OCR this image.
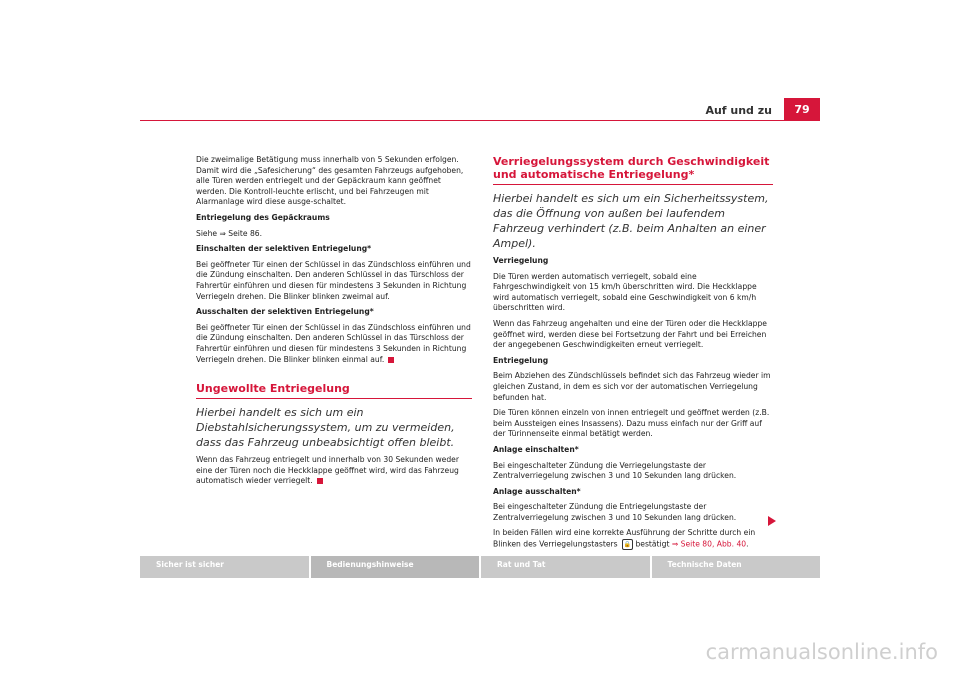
Auf und zu	79

Die zweimalige Betätigung muss innerhalb von 5 Sekunden erfolgen. Damit wird die „Safesicherung“ des gesamten Fahrzeugs aufgehoben, alle Türen werden entriegelt und der Gepäckraum kann geöffnet werden. Die Kontroll-leuchte erlischt, und bei Fahrzeugen mit Alarmanlage wird diese ausge-schaltet.

Entriegelung des Gepäckraums

Siehe ⇒ Seite 86.

Einschalten der selektiven Entriegelung*

Bei geöffneter Tür einen der Schlüssel in das Zündschloss einführen und die Zündung einschalten. Den anderen Schlüssel in das Türschloss der Fahrertür einführen und diesen für mindestens 3 Sekunden in Richtung Verriegeln drehen. Die Blinker blinken zweimal auf.

Ausschalten der selektiven Entriegelung*

Bei geöffneter Tür einen der Schlüssel in das Zündschloss einführen und die Zündung einschalten. Den anderen Schlüssel in das Türschloss der Fahrertür einführen und diesen für mindestens 3 Sekunden in Richtung Verriegeln drehen. Die Blinker blinken einmal auf.

Ungewollte Entriegelung

Hierbei handelt es sich um ein Diebstahlsicherungssystem, um zu vermeiden, dass das Fahrzeug unbeabsichtigt offen bleibt.

Wenn das Fahrzeug entriegelt und innerhalb von 30 Sekunden weder eine der Türen noch die Heckklappe geöffnet wird, wird das Fahrzeug automatisch wieder verriegelt.

Verriegelungssystem durch Geschwindigkeit und automatische Entriegelung*

Hierbei handelt es sich um ein Sicherheitssystem, das die Öffnung von außen bei laufendem Fahrzeug verhindert (z.B. beim Anhalten an einer Ampel).

Verriegelung

Die Türen werden automatisch verriegelt, sobald eine Fahrgeschwindigkeit von 15 km/h überschritten wird. Die Heckklappe wird automatisch verriegelt, sobald eine Geschwindigkeit von 6 km/h überschritten wird.

Wenn das Fahrzeug angehalten und eine der Türen oder die Heckklappe geöffnet wird, werden diese bei Fortsetzung der Fahrt und bei Erreichen der angegebenen Geschwindigkeiten erneut verriegelt.

Entriegelung

Beim Abziehen des Zündschlüssels befindet sich das Fahrzeug wieder im gleichen Zustand, in dem es sich vor der automatischen Verriegelung befunden hat.

Die Türen können einzeln von innen entriegelt und geöffnet werden (z.B. beim Aussteigen eines Insassens). Dazu muss einfach nur der Griff auf der Türinnenseite einmal betätigt werden.

Anlage einschalten*

Bei eingeschalteter Zündung die Verriegelungstaste der Zentralverriegelung zwischen 3 und 10 Sekunden lang drücken.

Anlage ausschalten*

Bei eingeschalteter Zündung die Entriegelungstaste der Zentralverriegelung zwischen 3 und 10 Sekunden lang drücken.

In beiden Fällen wird eine korrekte Ausführung der Schritte durch ein Blinken des Verriegelungstasters 🔒 bestätigt ⇒ Seite 80, Abb. 40.

Sicher ist sicher	Bedienungshinweise	Rat und Tat	Technische Daten
carmanualsonline.info
